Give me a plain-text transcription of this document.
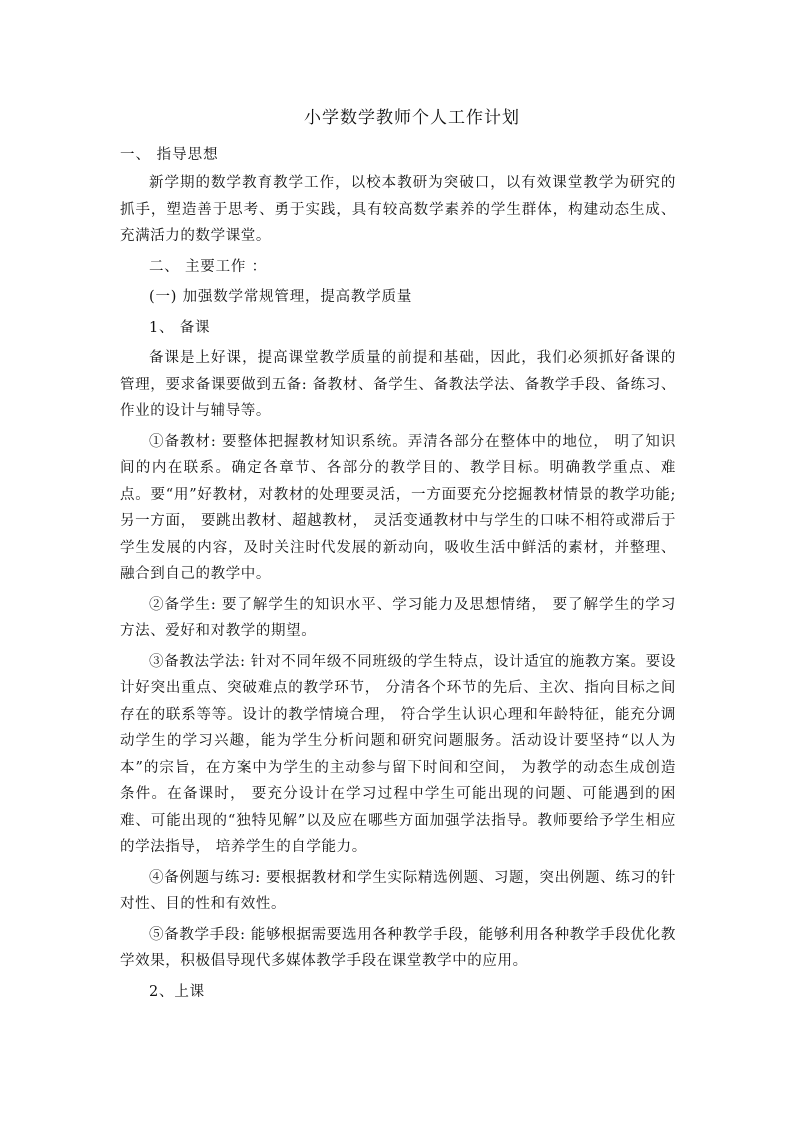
小学数学教师个人工作计划
一、 指导思想

新学期的数学教育教学工作，以校本教研为突破口，以有效课堂教学为研究的抓手，塑造善于思考、勇于实践，具有较高数学素养的学生群体，构建动态生成、充满活力的数学课堂。

二、 主要工作 ：
(一) 加强数学常规管理，提高教学质量
1、 备课

备课是上好课，提高课堂教学质量的前提和基础，因此，我们必须抓好备课的管理，要求备课要做到五备: 备教材、备学生、备教法学法、备教学手段、备练习、作业的设计与辅导等。

①备教材: 要整体把握教材知识系统。弄清各部分在整体中的地位， 明了知识间的内在联系。确定各章节、各部分的教学目的、教学目标。明确教学重点、难点。要“用”好教材，对教材的处理要灵活，一方面要充分挖掘教材情景的教学功能;另一方面， 要跳出教材、超越教材， 灵活变通教材中与学生的口味不相符或滞后于学生发展的内容，及时关注时代发展的新动向，吸收生活中鲜活的素材，并整理、融合到自己的教学中。

②备学生: 要了解学生的知识水平、学习能力及思想情绪， 要了解学生的学习方法、爱好和对教学的期望。

③备教法学法: 针对不同年级不同班级的学生特点，设计适宜的施教方案。要设计好突出重点、突破难点的教学环节， 分清各个环节的先后、主次、指向目标之间存在的联系等等。设计的教学情境合理， 符合学生认识心理和年龄特征，能充分调动学生的学习兴趣，能为学生分析问题和研究问题服务。活动设计要坚持“以人为本”的宗旨，在方案中为学生的主动参与留下时间和空间， 为教学的动态生成创造条件。在备课时， 要充分设计在学习过程中学生可能出现的问题、可能遇到的困难、可能出现的“独特见解”以及应在哪些方面加强学法指导。教师要给予学生相应的学法指导， 培养学生的自学能力。

④备例题与练习: 要根据教材和学生实际精选例题、习题，突出例题、练习的针对性、目的性和有效性。

⑤备教学手段: 能够根据需要选用各种教学手段，能够利用各种教学手段优化教学效果，积极倡导现代多媒体教学手段在课堂教学中的应用。

2、上课
